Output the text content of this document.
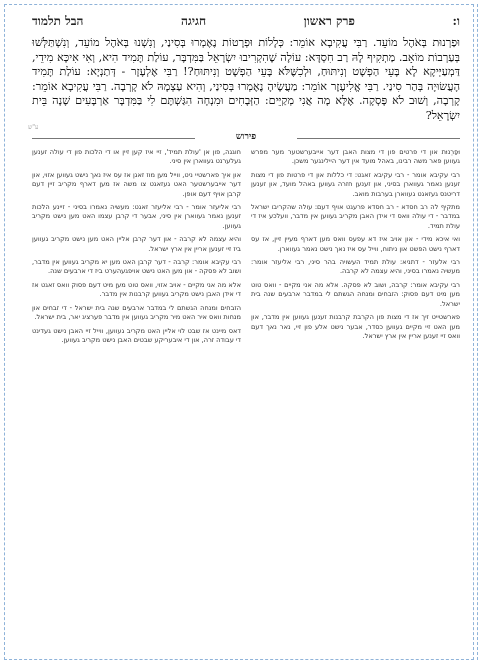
ו:
פרק ראשון
חגיגה
הבל תלמוד
וּפַרְנוּת בְּאֹהֶל מוֹעֵד. רַבִּי עֲקִיבָא אוֹמֵר: כְּלָלוֹת וּפְרָטוֹת נֶאֶמְרוּ בְּסִינַי, וְנִשְׁנוּ בְּאֹהֶל מוֹעֵד, וְנִשְׁתַּלְּשׁוּ בְּעַרְבוֹת מוֹאָב. מַתְקִיף לָהּ רַב חִסְדָּא: עוֹלָה שֶׁהִקְרִיבוּ יִשְׂרָאֵל בַּמִּדְבָּר, עוֹלַת תָּמִיד הִיא, וְאִי אִיכָּא מִידֵי, דַּמְעַיְּיקָא לָא בָּעֵי הַפְשָׁט וְנִיתּוּחַ, וּלְכִשֶּׁלֹּא בָּעֵי הַפְשָׁט וְנִיתּוּחַ?! רַבִּי אֶלְעָזָר - דְּתַנְיָא: עוֹלַת תָּמִיד הָעֲשׂוּיָה בְּהַר סִינַי. רַבִּי אֱלִיעֶזֶר אוֹמֵר: מַעֲשֶׂיהָ נֶאֶמְרוּ בְּסִינַי, וְהִיא עַצְמָהּ לֹא קָרְבָה. רַבִּי עֲקִיבָא אוֹמֵר: קָרְבָה, וְשׁוּב לֹא פָּסְקָה. אֶלָּא מָה אֲנִי מְקַיֵּים: הַזְּבָחִים וּמִנְחָה הִגַּשְׁתֶּם לִי בַּמִּדְבָּר אַרְבָּעִים שָׁנָה בֵּית יִשְׂרָאֵל?
ע"ש
פירוש

וּפַרְנוּת און די פרטים פון די מצות האבן דער אייבערשטער מער מפרש געווען פאר משה רבינו, באהל מועד אין דער היילינגער משכן.

רבי עקיבא אומר - רבי עקיבא זאגט: די כללות און די פרטות פון די מצות זענען נאמר געווארן בסיני, און זענען חזרה געווען באהל מועד, און זענען דריטנס געזאגט געווארן בערבות מואב.

מתקיף לה רב חסדא - רב חסדא פרעגט אויף דעם: עולה שהקריבו ישראל במדבר - די עולה וואס די אידן האבן מקריב געווען אין מדבר, וועלכע איז די עולת תמיד.

ואי איכא מידי - און אויב איז דא עפעס וואס מען דארף מעיין זיין, אז עס דארף נישט הפשט און ניתוח, ווייל עס איז נאך נישט נאמר געווארן.

רבי אלעזר - דתניא: עולת תמיד העשויה בהר סיני, רבי אליעזר אומר: מעשיה נאמרו בסיני, והיא עצמה לא קרבה.

רבי עקיבא אומר: קרבה, ושוב לא פסקה. אלא מה אני מקיים - וואס טוט מען מיט דעם פסוק: הזבחים ומנחה הגשתם לי במדבר ארבעים שנה בית ישראל.

פארשטייט זיך אז די מצות פון הקרבת קרבנות זענען געווען אין מדבר, און מען האט זיי מקיים געווען כסדר, אבער נישט אלע פון זיי, נאר נאך דעם וואס זיי זענען אריין אין ארץ ישראל.

חוגגה, פון אן 'עולת תמיד', זיי איז קען זיין או די הלכות פון די עולה זענען געלערנט געווארן אין סיני.

און איך פארשטיי ניט, ווייל מען מוז זאגן אז עס איז נאך נישט געווען אזוי, און דער אייבערשטער האט געזאגט צו משה אז מען דארף מקריב זיין דעם קרבן אויף דעם אופן.

רבי אליעזר אומר - רבי אליעזר זאגט: מעשיה נאמרו בסיני - זיינע הלכות זענען נאמר געווארן אין סיני, אבער די קרבן עצמו האט מען נישט מקריב געווען.

והיא עצמה לא קרבה - און דער קרבן אליין האט מען נישט מקריב געווען ביז זיי זענען אריין אין ארץ ישראל.

רבי עקיבא אומר: קרבה - דער קרבן האט מען יא מקריב געווען אין מדבר, ושוב לא פסקה - און מען האט נישט אויפגעהערט ביז די ארבעים שנה.

אלא מה אני מקיים - אויב אזוי, וואס טוט מען מיט דעם פסוק וואס זאגט אז די אידן האבן נישט מקריב געווען קרבנות אין מדבר.

הזבחים ומנחה הגשתם לי במדבר ארבעים שנה בית ישראל - די זבחים און מנחות וואס איר האט מיר מקריב געווען אין מדבר פערציג יאר, בית ישראל.

דאס מיינט אז שבט לוי אליין האט מקריב געווען, ווייל זיי האבן נישט געדינט די עבודה זרה, און די איבעריקע שבטים האבן נישט מקריב געווען.
